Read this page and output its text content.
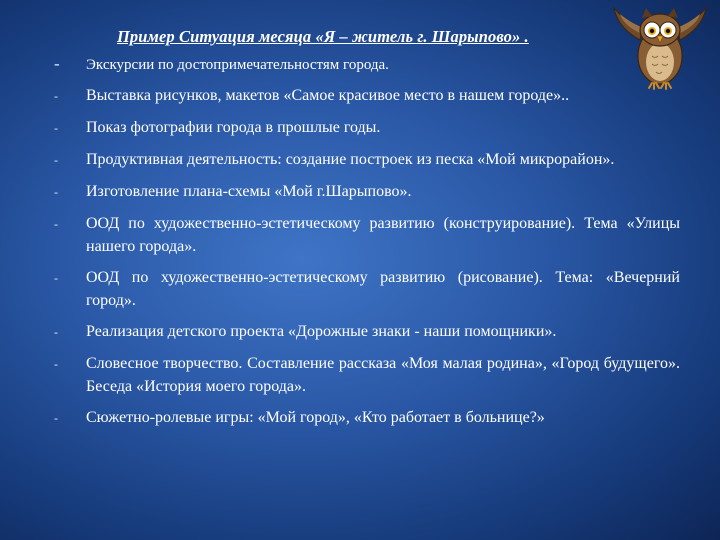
Пример Ситуация месяца «Я – житель г. Шарыпово» .
-	Экскурсии по достопримечательностям города.
-	Выставка рисунков, макетов «Самое красивое место в нашем городе»..
-	Показ фотографии города в прошлые годы.
-	Продуктивная деятельность: создание построек из песка «Мой микрорайон».
-	Изготовление плана-схемы «Мой г.Шарыпово».
-	ООД по художественно-эстетическому развитию (конструирование). Тема «Улицы нашего города».
-	ООД по художественно-эстетическому развитию (рисование). Тема: «Вечерний город».
-	Реализация детского проекта «Дорожные знаки - наши помощники».
-	Словесное творчество. Составление рассказа «Моя малая родина», «Город будущего». Беседа «История моего города».
-	Сюжетно-ролевые игры: «Мой город», «Кто работает в больнице?»
